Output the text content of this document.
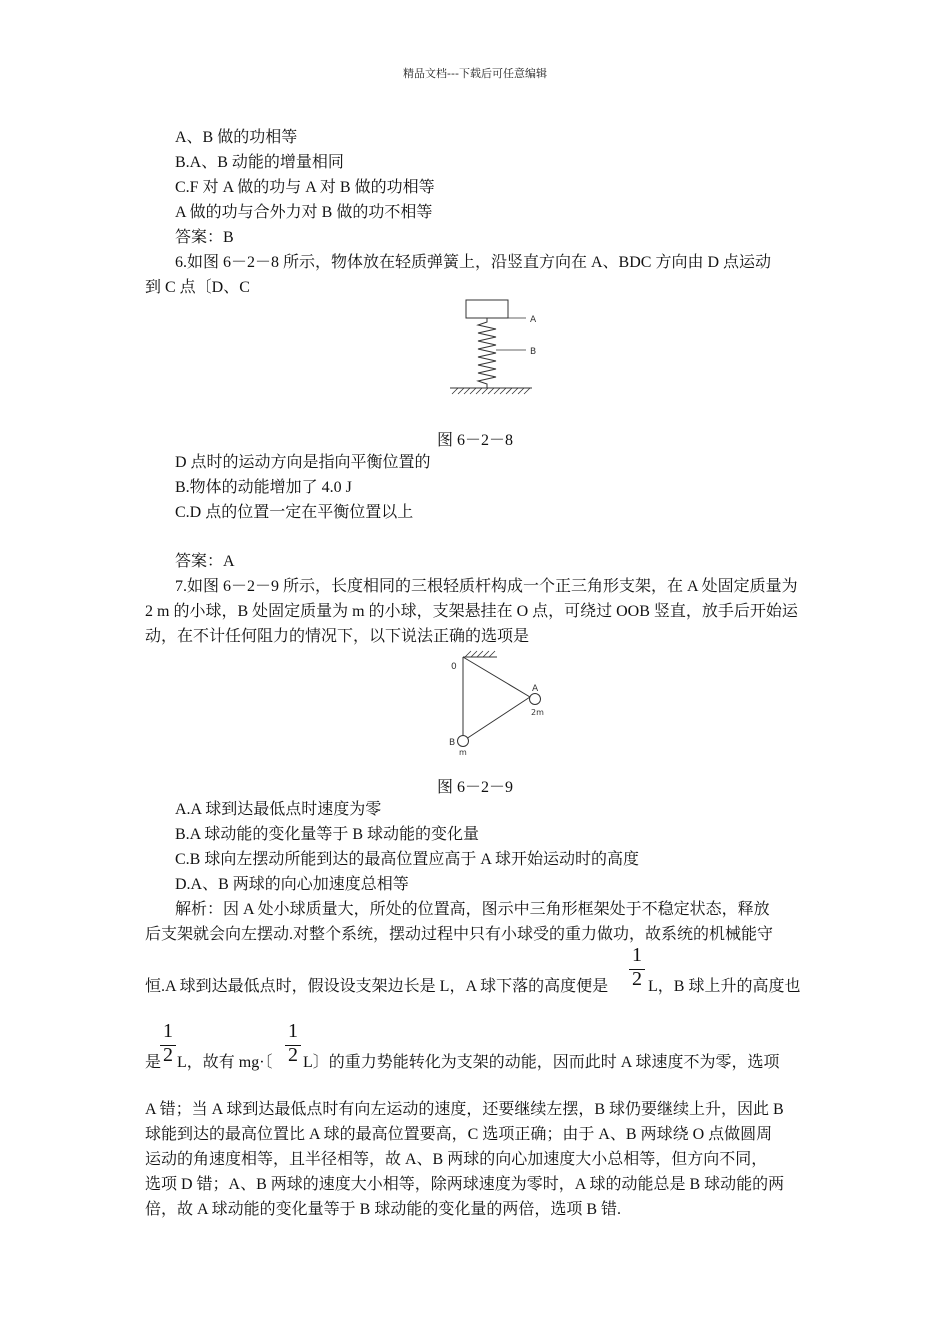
精品文档---下载后可任意编辑
A、B 做的功相等
B.A、B 动能的增量相同
C.F 对 A 做的功与 A 对 B 做的功相等
A 做的功与合外力对 B 做的功不相等
答案：B
6.如图 6－2－8 所示，物体放在轻质弹簧上，沿竖直方向在 A、BDC 方向由 D 点运动
到 C 点〔D、C
A
B
图 6－2－8
D 点时的运动方向是指向平衡位置的
B.物体的动能增加了 4.0 J
C.D 点的位置一定在平衡位置以上
答案：A
7.如图 6－2－9 所示，长度相同的三根轻质杆构成一个正三角形支架，在 A 处固定质量为
2 m 的小球，B 处固定质量为 m 的小球，支架悬挂在 O 点，可绕过 OOB 竖直，放手后开始运
动，在不计任何阻力的情况下，以下说法正确的选项是
0
A
2m
B
m
图 6－2－9
A.A 球到达最低点时速度为零
B.A 球动能的变化量等于 B 球动能的变化量
C.B 球向左摆动所能到达的最高位置应高于 A 球开始运动时的高度
D.A、B 两球的向心加速度总相等
解析：因 A 处小球质量大，所处的位置高，图示中三角形框架处于不稳定状态，释放
后支架就会向左摆动.对整个系统，摆动过程中只有小球受的重力做功，故系统的机械能守
恒.A 球到达最低点时，假设设支架边长是 L，A 球下落的高度便是
1
2 L，B 球上升的高度也
是
1
2 L，故有 mg·〔
1
2 L〕的重力势能转化为支架的动能，因而此时 A 球速度不为零，选项
A 错；当 A 球到达最低点时有向左运动的速度，还要继续左摆，B 球仍要继续上升，因此 B
球能到达的最高位置比 A 球的最高位置要高，C 选项正确；由于 A、B 两球绕 O 点做圆周
运动的角速度相等，且半径相等，故 A、B 两球的向心加速度大小总相等，但方向不同，
选项 D 错；A、B 两球的速度大小相等，除两球速度为零时，A 球的动能总是 B 球动能的两
倍，故 A 球动能的变化量等于 B 球动能的变化量的两倍，选项 B 错.
